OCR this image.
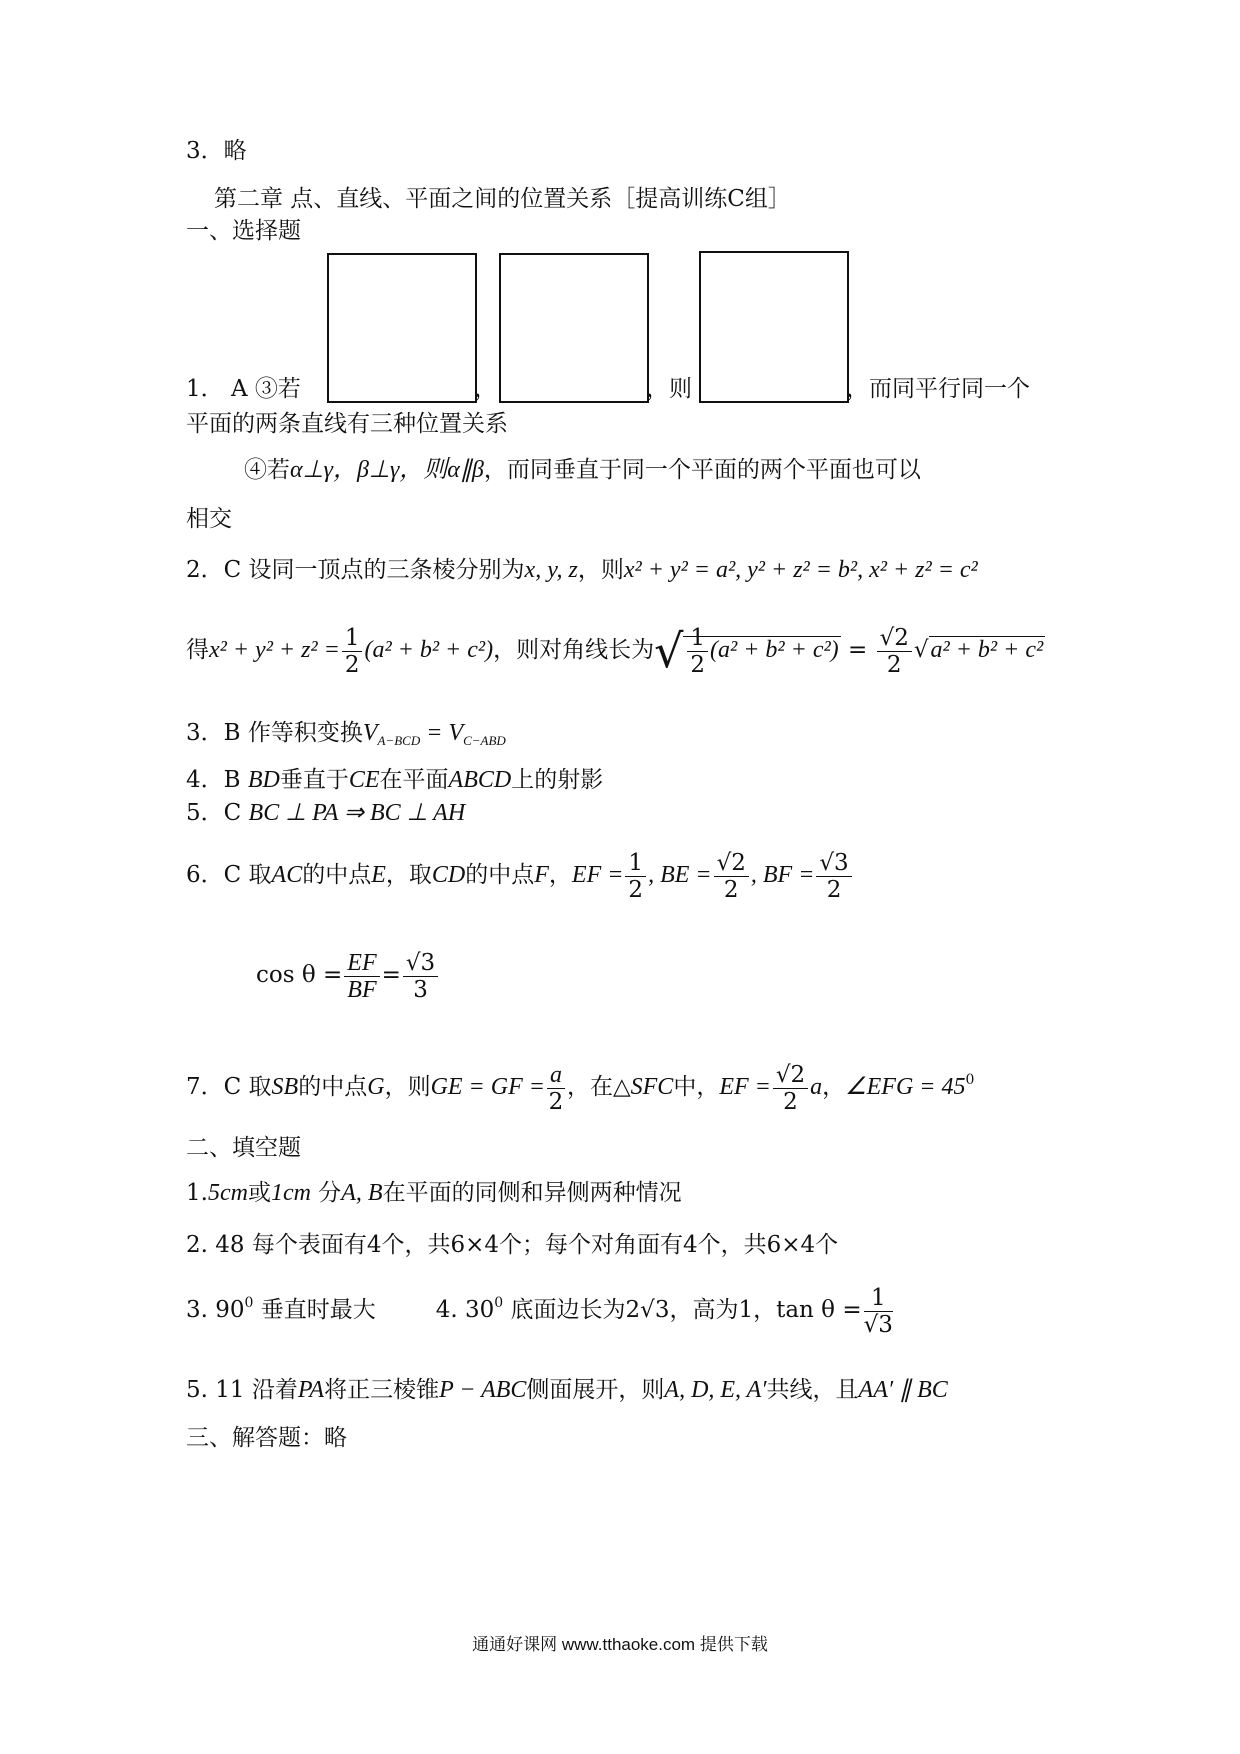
3．略
第二章 点、直线、平面之间的位置关系［提高训练C组］
一、选择题
1． A ③若	，	，则	，而同平行同一个
平面的两条直线有三种位置关系
④若α⊥γ，β⊥γ，则α∥β，而同垂直于同一个平面的两个平面也可以
相交
2．C 设同一顶点的三条棱分别为x, y, z，则x² + y² = a², y² + z² = b², x² + z² = c²
得$x^2 + y^2 + z^2 = \frac{1}{2} (a^2 + b^2 + c^2)$，则对角线长为√ $\frac{1}{2} (a^2 + b^2 + c^2) = \frac{√2}{2} √a^2 + b^2 + c^2$
3．B 作等积变换$V_{A-BCD} = V_{C-ABD}$
4．B BD垂直于CE在平面ABCD上的射影
5．C BC ⊥ PA ⇒ BC ⊥ AH
6．C 取AC的中点E，取CD的中点F，EF = $\frac{1}{2}$ , BE = $\frac{√2}{2}$ , BF = $\frac{√3}{2}$
$\cos \theta = \frac{EF}{BF} = \frac{√3}{3}$
7．C 取SB的中点G，则GE = GF = $\frac{a}{2}$ ，在△SFC中，EF = $\frac{√2}{2}$ a，∠EFG = $45^0$
二、填空题
1.5cm或1cm 分A, B在平面的同侧和异侧两种情况
2. 48 每个表面有4个，共6×4个；每个对角面有4个，共6×4个
3. $90^0$ 垂直时最大	4. $30^0$ 底面边长为2√3，高为1，$\tan \theta = \frac{1}{√3}$
5. 11 沿着PA将正三棱锥P − ABC侧面展开，则A, D, E, A′共线，且AA′ ∥ BC
三、解答题：略
通通好课网 www.tthaoke.com 提供下载
